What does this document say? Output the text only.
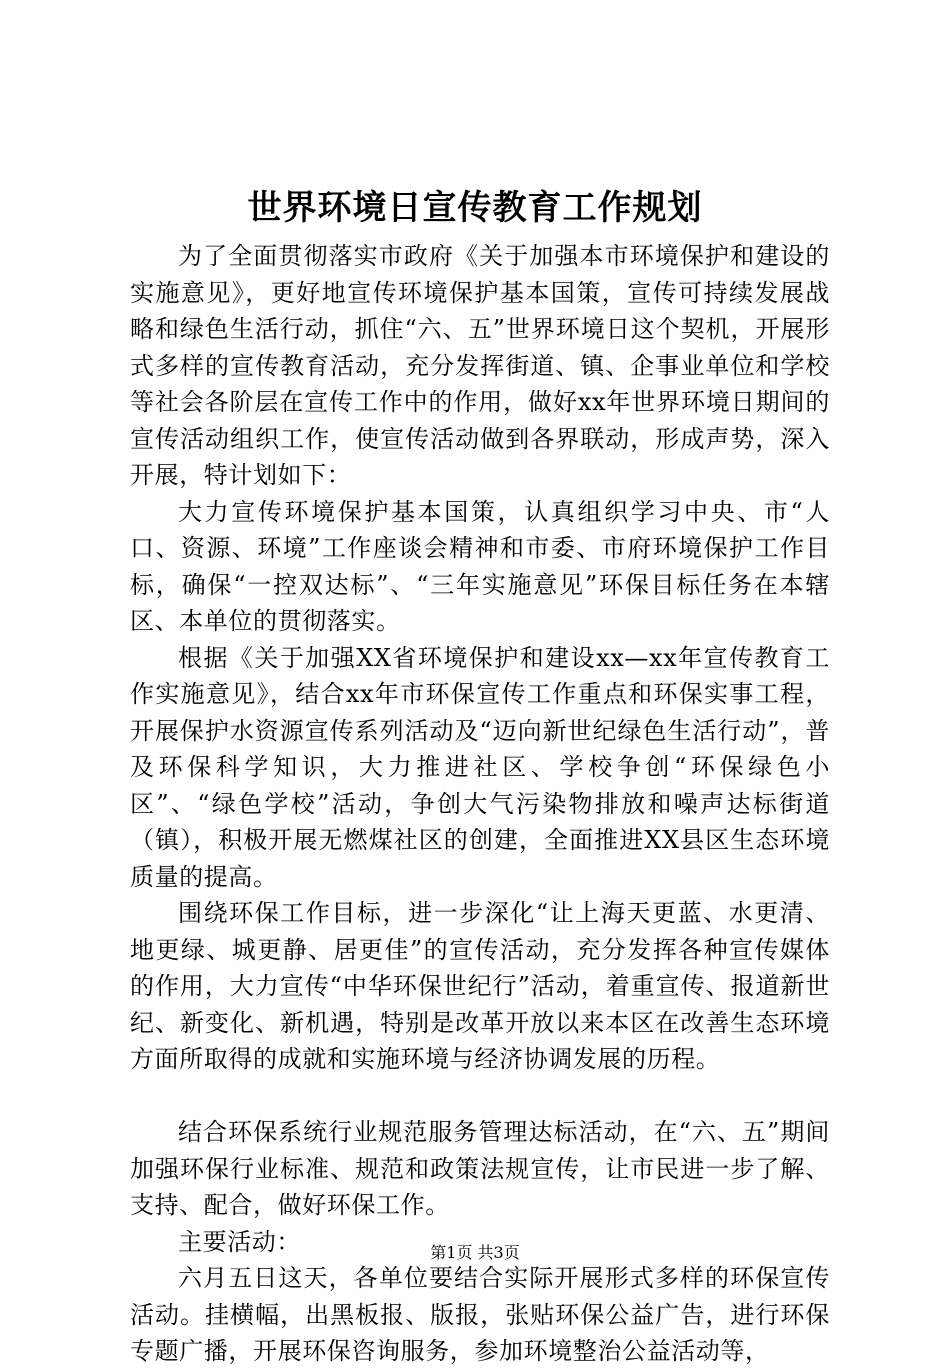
世界环境日宣传教育工作规划

为了全面贯彻落实市政府《关于加强本市环境保护和建设的实施意见》，更好地宣传环境保护基本国策，宣传可持续发展战略和绿色生活行动，抓住“六、五”世界环境日这个契机，开展形式多样的宣传教育活动，充分发挥街道、镇、企事业单位和学校等社会各阶层在宣传工作中的作用，做好xx年世界环境日期间的宣传活动组织工作，使宣传活动做到各界联动，形成声势，深入开展，特计划如下：

大力宣传环境保护基本国策，认真组织学习中央、市“人口、资源、环境”工作座谈会精神和市委、市府环境保护工作目标，确保“一控双达标”、“三年实施意见”环保目标任务在本辖区、本单位的贯彻落实。

根据《关于加强XX省环境保护和建设xx—xx年宣传教育工作实施意见》，结合xx年市环保宣传工作重点和环保实事工程，开展保护水资源宣传系列活动及“迈向新世纪绿色生活行动”，普及环保科学知识，大力推进社区、学校争创“环保绿色小区”、“绿色学校”活动，争创大气污染物排放和噪声达标街道（镇），积极开展无燃煤社区的创建，全面推进XX县区生态环境质量的提高。

围绕环保工作目标，进一步深化“让上海天更蓝、水更清、地更绿、城更静、居更佳”的宣传活动，充分发挥各种宣传媒体的作用，大力宣传“中华环保世纪行”活动，着重宣传、报道新世纪、新变化、新机遇，特别是改革开放以来本区在改善生态环境方面所取得的成就和实施环境与经济协调发展的历程。

结合环保系统行业规范服务管理达标活动，在“六、五”期间加强环保行业标准、规范和政策法规宣传，让市民进一步了解、支持、配合，做好环保工作。

主要活动：

六月五日这天，各单位要结合实际开展形式多样的环保宣传活动。挂横幅，出黑板报、版报，张贴环保公益广告，进行环保专题广播，开展环保咨询服务，参加环境整治公益活动等，

第1页 共3页
